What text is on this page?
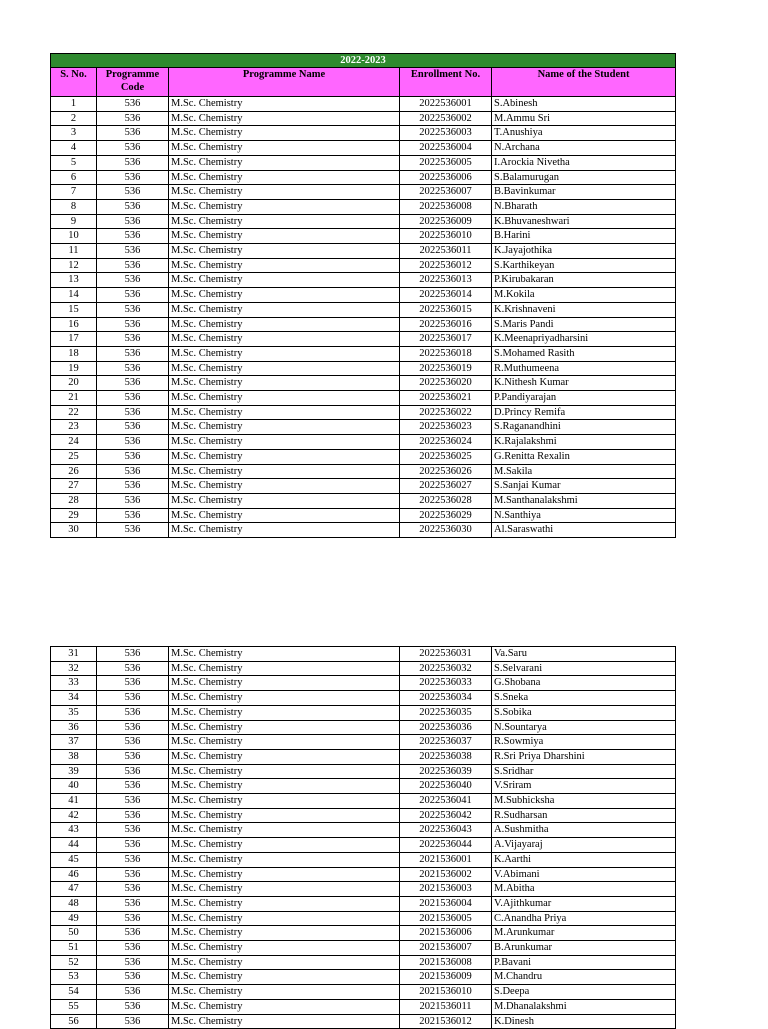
2022-2023				
S. No.	Programme Code	Programme Name	Enrollment No.	Name of the Student
1	536	M.Sc. Chemistry	2022536001	S.Abinesh
2	536	M.Sc. Chemistry	2022536002	M.Ammu Sri
3	536	M.Sc. Chemistry	2022536003	T.Anushiya
4	536	M.Sc. Chemistry	2022536004	N.Archana
5	536	M.Sc. Chemistry	2022536005	I.Arockia Nivetha
6	536	M.Sc. Chemistry	2022536006	S.Balamurugan
7	536	M.Sc. Chemistry	2022536007	B.Bavinkumar
8	536	M.Sc. Chemistry	2022536008	N.Bharath
9	536	M.Sc. Chemistry	2022536009	K.Bhuvaneshwari
10	536	M.Sc. Chemistry	2022536010	B.Harini
11	536	M.Sc. Chemistry	2022536011	K.Jayajothika
12	536	M.Sc. Chemistry	2022536012	S.Karthikeyan
13	536	M.Sc. Chemistry	2022536013	P.Kirubakaran
14	536	M.Sc. Chemistry	2022536014	M.Kokila
15	536	M.Sc. Chemistry	2022536015	K.Krishnaveni
16	536	M.Sc. Chemistry	2022536016	S.Maris Pandi
17	536	M.Sc. Chemistry	2022536017	K.Meenapriyadharsini
18	536	M.Sc. Chemistry	2022536018	S.Mohamed Rasith
19	536	M.Sc. Chemistry	2022536019	R.Muthumeena
20	536	M.Sc. Chemistry	2022536020	K.Nithesh Kumar
21	536	M.Sc. Chemistry	2022536021	P.Pandiyarajan
22	536	M.Sc. Chemistry	2022536022	D.Princy Remifa
23	536	M.Sc. Chemistry	2022536023	S.Raganandhini
24	536	M.Sc. Chemistry	2022536024	K.Rajalakshmi
25	536	M.Sc. Chemistry	2022536025	G.Renitta Rexalin
26	536	M.Sc. Chemistry	2022536026	M.Sakila
27	536	M.Sc. Chemistry	2022536027	S.Sanjai Kumar
28	536	M.Sc. Chemistry	2022536028	M.Santhanalakshmi
29	536	M.Sc. Chemistry	2022536029	N.Santhiya
30	536	M.Sc. Chemistry	2022536030	Al.Saraswathi
31	536	M.Sc. Chemistry	2022536031	Va.Saru
32	536	M.Sc. Chemistry	2022536032	S.Selvarani
33	536	M.Sc. Chemistry	2022536033	G.Shobana
34	536	M.Sc. Chemistry	2022536034	S.Sneka
35	536	M.Sc. Chemistry	2022536035	S.Sobika
36	536	M.Sc. Chemistry	2022536036	N.Sountarya
37	536	M.Sc. Chemistry	2022536037	R.Sowmiya
38	536	M.Sc. Chemistry	2022536038	R.Sri Priya Dharshini
39	536	M.Sc. Chemistry	2022536039	S.Sridhar
40	536	M.Sc. Chemistry	2022536040	V.Sriram
41	536	M.Sc. Chemistry	2022536041	M.Subhicksha
42	536	M.Sc. Chemistry	2022536042	R.Sudharsan
43	536	M.Sc. Chemistry	2022536043	A.Sushmitha
44	536	M.Sc. Chemistry	2022536044	A.Vijayaraj
45	536	M.Sc. Chemistry	2021536001	K.Aarthi
46	536	M.Sc. Chemistry	2021536002	V.Abimani
47	536	M.Sc. Chemistry	2021536003	M.Abitha
48	536	M.Sc. Chemistry	2021536004	V.Ajithkumar
49	536	M.Sc. Chemistry	2021536005	C.Anandha Priya
50	536	M.Sc. Chemistry	2021536006	M.Arunkumar
51	536	M.Sc. Chemistry	2021536007	B.Arunkumar
52	536	M.Sc. Chemistry	2021536008	P.Bavani
53	536	M.Sc. Chemistry	2021536009	M.Chandru
54	536	M.Sc. Chemistry	2021536010	S.Deepa
55	536	M.Sc. Chemistry	2021536011	M.Dhanalakshmi
56	536	M.Sc. Chemistry	2021536012	K.Dinesh
